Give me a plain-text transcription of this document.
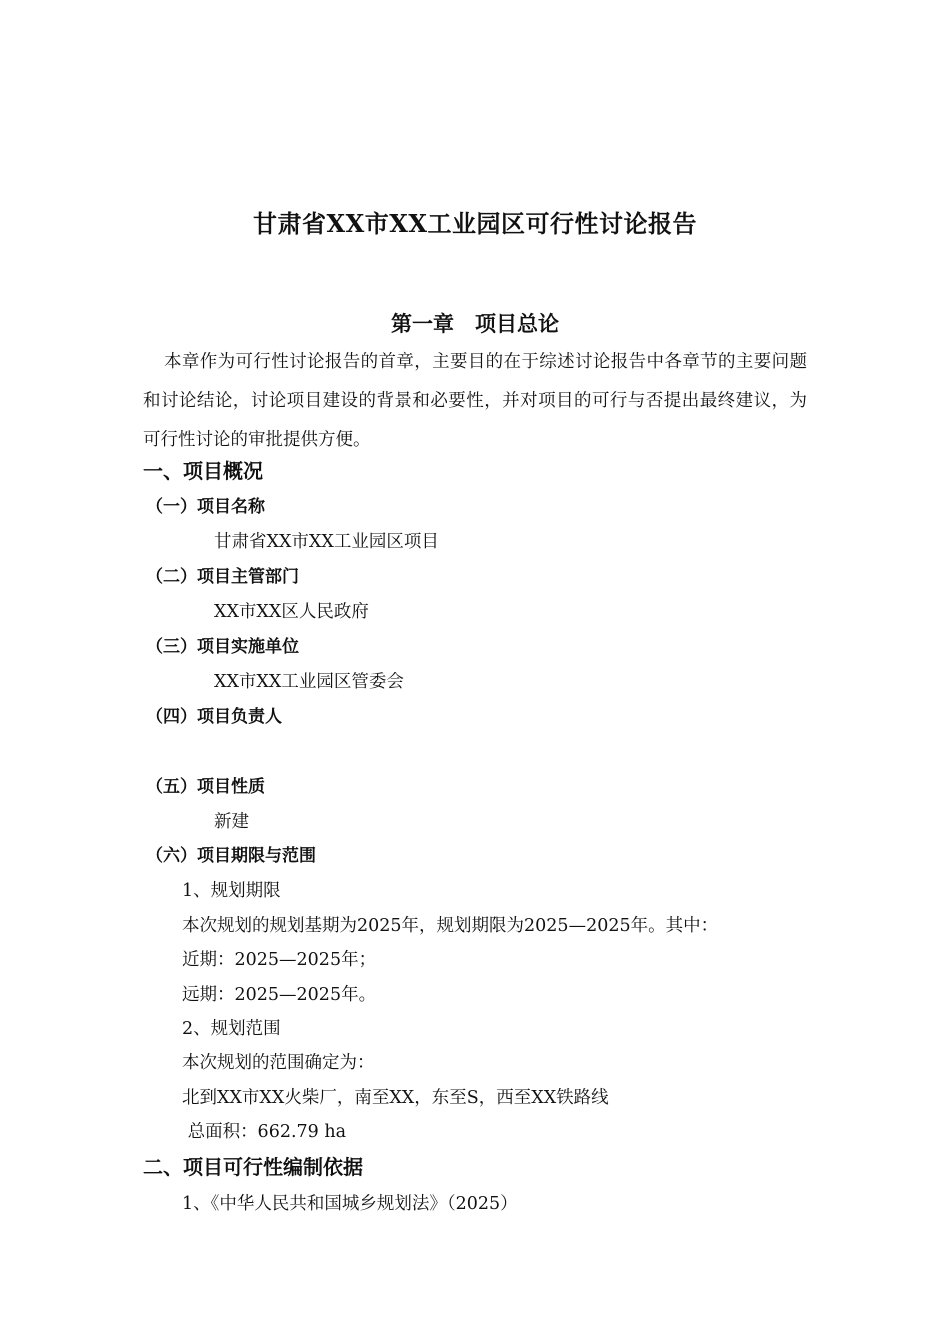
甘肃省XX市XX工业园区可行性讨论报告
第一章　项目总论
本章作为可行性讨论报告的首章，主要目的在于综述讨论报告中各章节的主要问题和讨论结论，讨论项目建设的背景和必要性，并对项目的可行与否提出最终建议，为可行性讨论的审批提供方便。
一、项目概况
（一）项目名称
甘肃省XX市XX工业园区项目
（二）项目主管部门
XX市XX区人民政府
（三）项目实施单位
XX市XX工业园区管委会
（四）项目负责人
（五）项目性质
新建
（六）项目期限与范围
1、规划期限
本次规划的规划基期为2025年，规划期限为2025—2025年。其中：
近期：2025—2025年；
远期：2025—2025年。
2、规划范围
本次规划的范围确定为：
北到XX市XX火柴厂，南至XX，东至S，西至XX铁路线
总面积：662.79 ha
二、项目可行性编制依据
1、《中华人民共和国城乡规划法》（2025）
